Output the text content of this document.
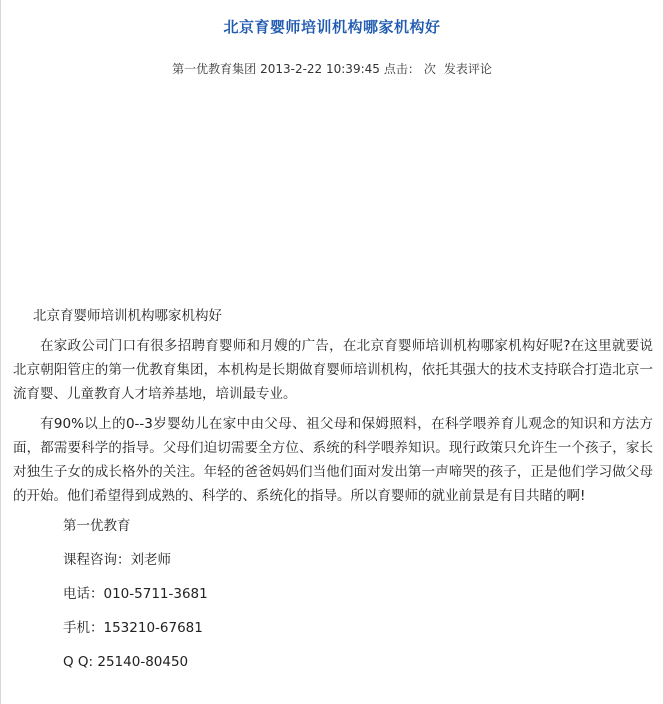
北京育婴师培训机构哪家机构好
第一优教育集团 2013-2-22 10:39:45 点击： 次 发表评论
北京育婴师培训机构哪家机构好
在家政公司门口有很多招聘育婴师和月嫂的广告，在北京育婴师培训机构哪家机构好呢?在这里就要说北京朝阳管庄的第一优教育集团，本机构是长期做育婴师培训机构，依托其强大的技术支持联合打造北京一流育婴、儿童教育人才培养基地，培训最专业。
有90%以上的0--3岁婴幼儿在家中由父母、祖父母和保姆照料，在科学喂养育儿观念的知识和方法方面，都需要科学的指导。父母们迫切需要全方位、系统的科学喂养知识。现行政策只允许生一个孩子，家长对独生子女的成长格外的关注。年轻的爸爸妈妈们当他们面对发出第一声啼哭的孩子，正是他们学习做父母的开始。他们希望得到成熟的、科学的、系统化的指导。所以育婴师的就业前景是有目共睹的啊!
第一优教育
课程咨询：刘老师
电话：010-5711-3681
手机：153210-67681
Q Q: 25140-80450
